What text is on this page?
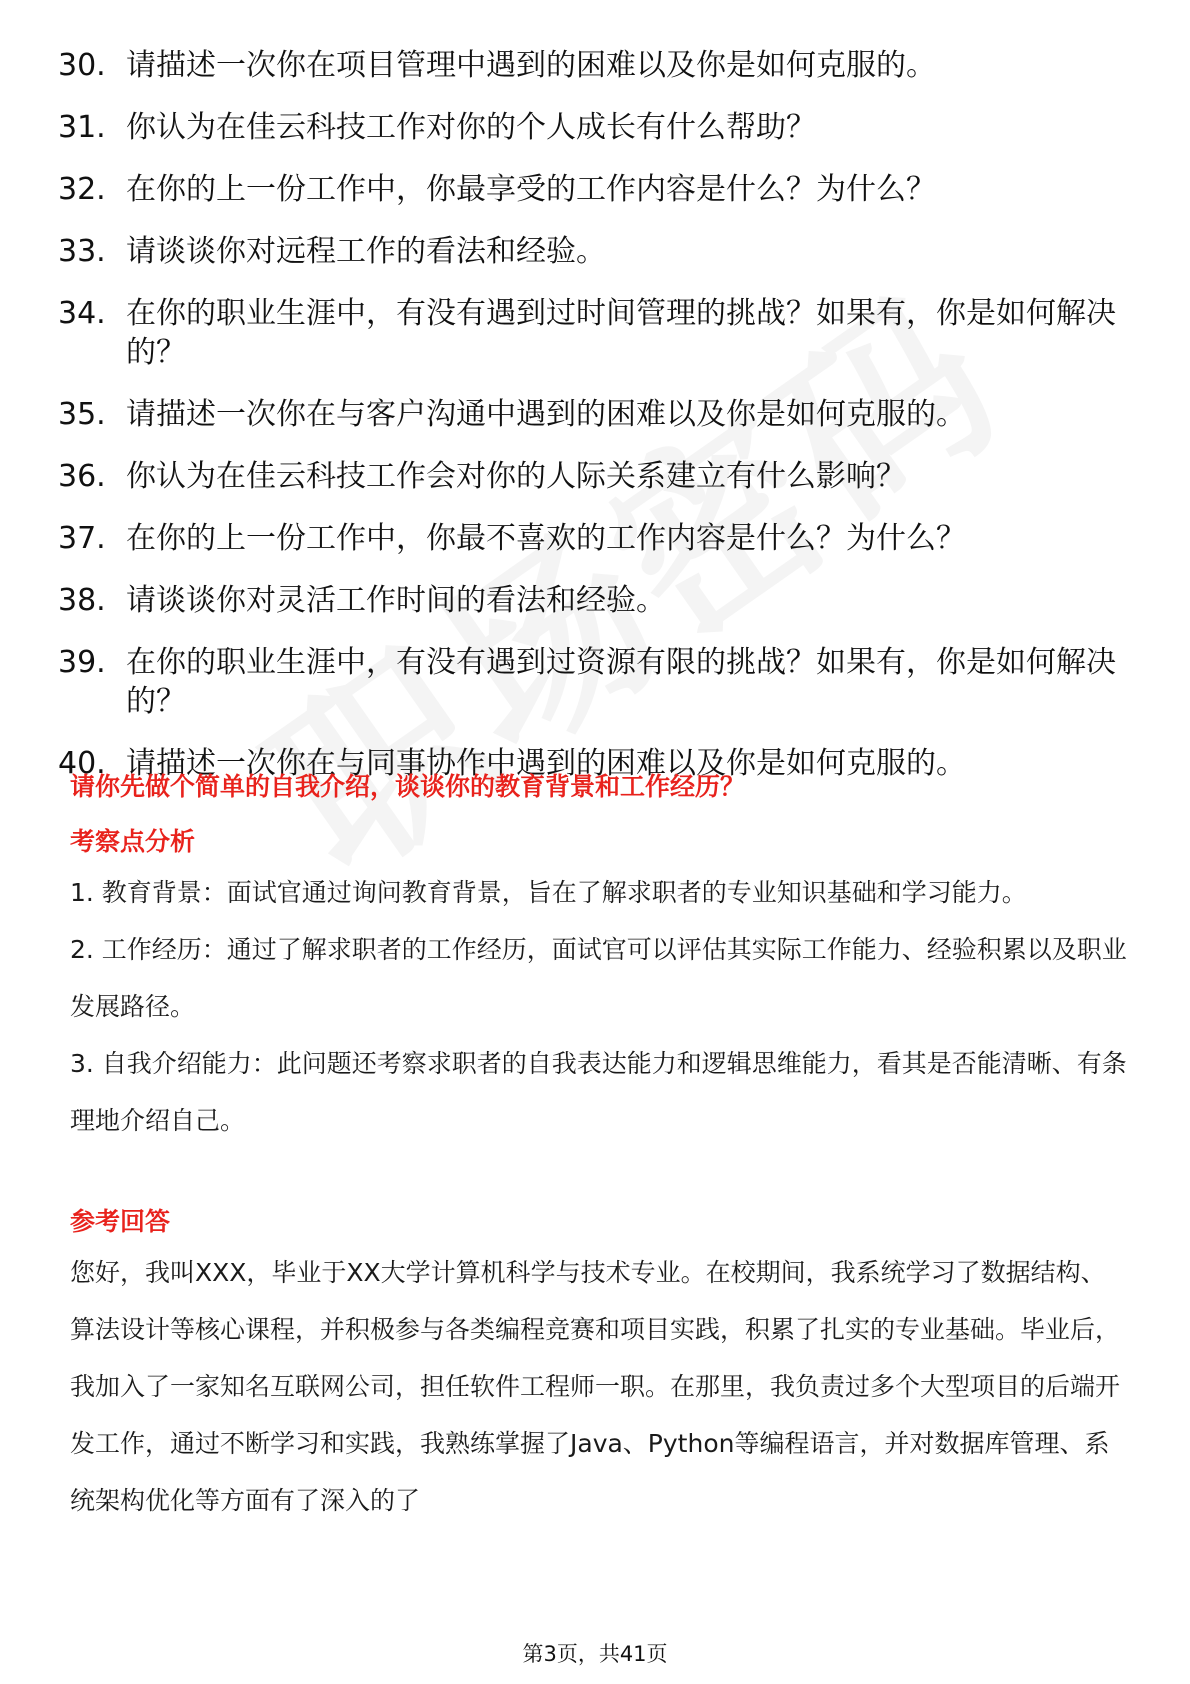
30. 请描述一次你在项目管理中遇到的困难以及你是如何克服的。
31. 你认为在佳云科技工作对你的个人成长有什么帮助？
32. 在你的上一份工作中，你最享受的工作内容是什么？为什么？
33. 请谈谈你对远程工作的看法和经验。
34. 在你的职业生涯中，有没有遇到过时间管理的挑战？如果有，你是如何解决的？
35. 请描述一次你在与客户沟通中遇到的困难以及你是如何克服的。
36. 你认为在佳云科技工作会对你的人际关系建立有什么影响？
37. 在你的上一份工作中，你最不喜欢的工作内容是什么？为什么？
38. 请谈谈你对灵活工作时间的看法和经验。
39. 在你的职业生涯中，有没有遇到过资源有限的挑战？如果有，你是如何解决的？
40. 请描述一次你在与同事协作中遇到的困难以及你是如何克服的。
请你先做个简单的自我介绍，谈谈你的教育背景和工作经历？
考察点分析
1. 教育背景：面试官通过询问教育背景，旨在了解求职者的专业知识基础和学习能力。
2. 工作经历：通过了解求职者的工作经历，面试官可以评估其实际工作能力、经验积累以及职业发展路径。
3. 自我介绍能力：此问题还考察求职者的自我表达能力和逻辑思维能力，看其是否能清晰、有条理地介绍自己。
参考回答
您好，我叫XXX，毕业于XX大学计算机科学与技术专业。在校期间，我系统学习了数据结构、算法设计等核心课程，并积极参与各类编程竞赛和项目实践，积累了扎实的专业基础。毕业后，我加入了一家知名互联网公司，担任软件工程师一职。在那里，我负责过多个大型项目的后端开发工作，通过不断学习和实践，我熟练掌握了Java、Python等编程语言，并对数据库管理、系统架构优化等方面有了深入的了
第3页，共41页
